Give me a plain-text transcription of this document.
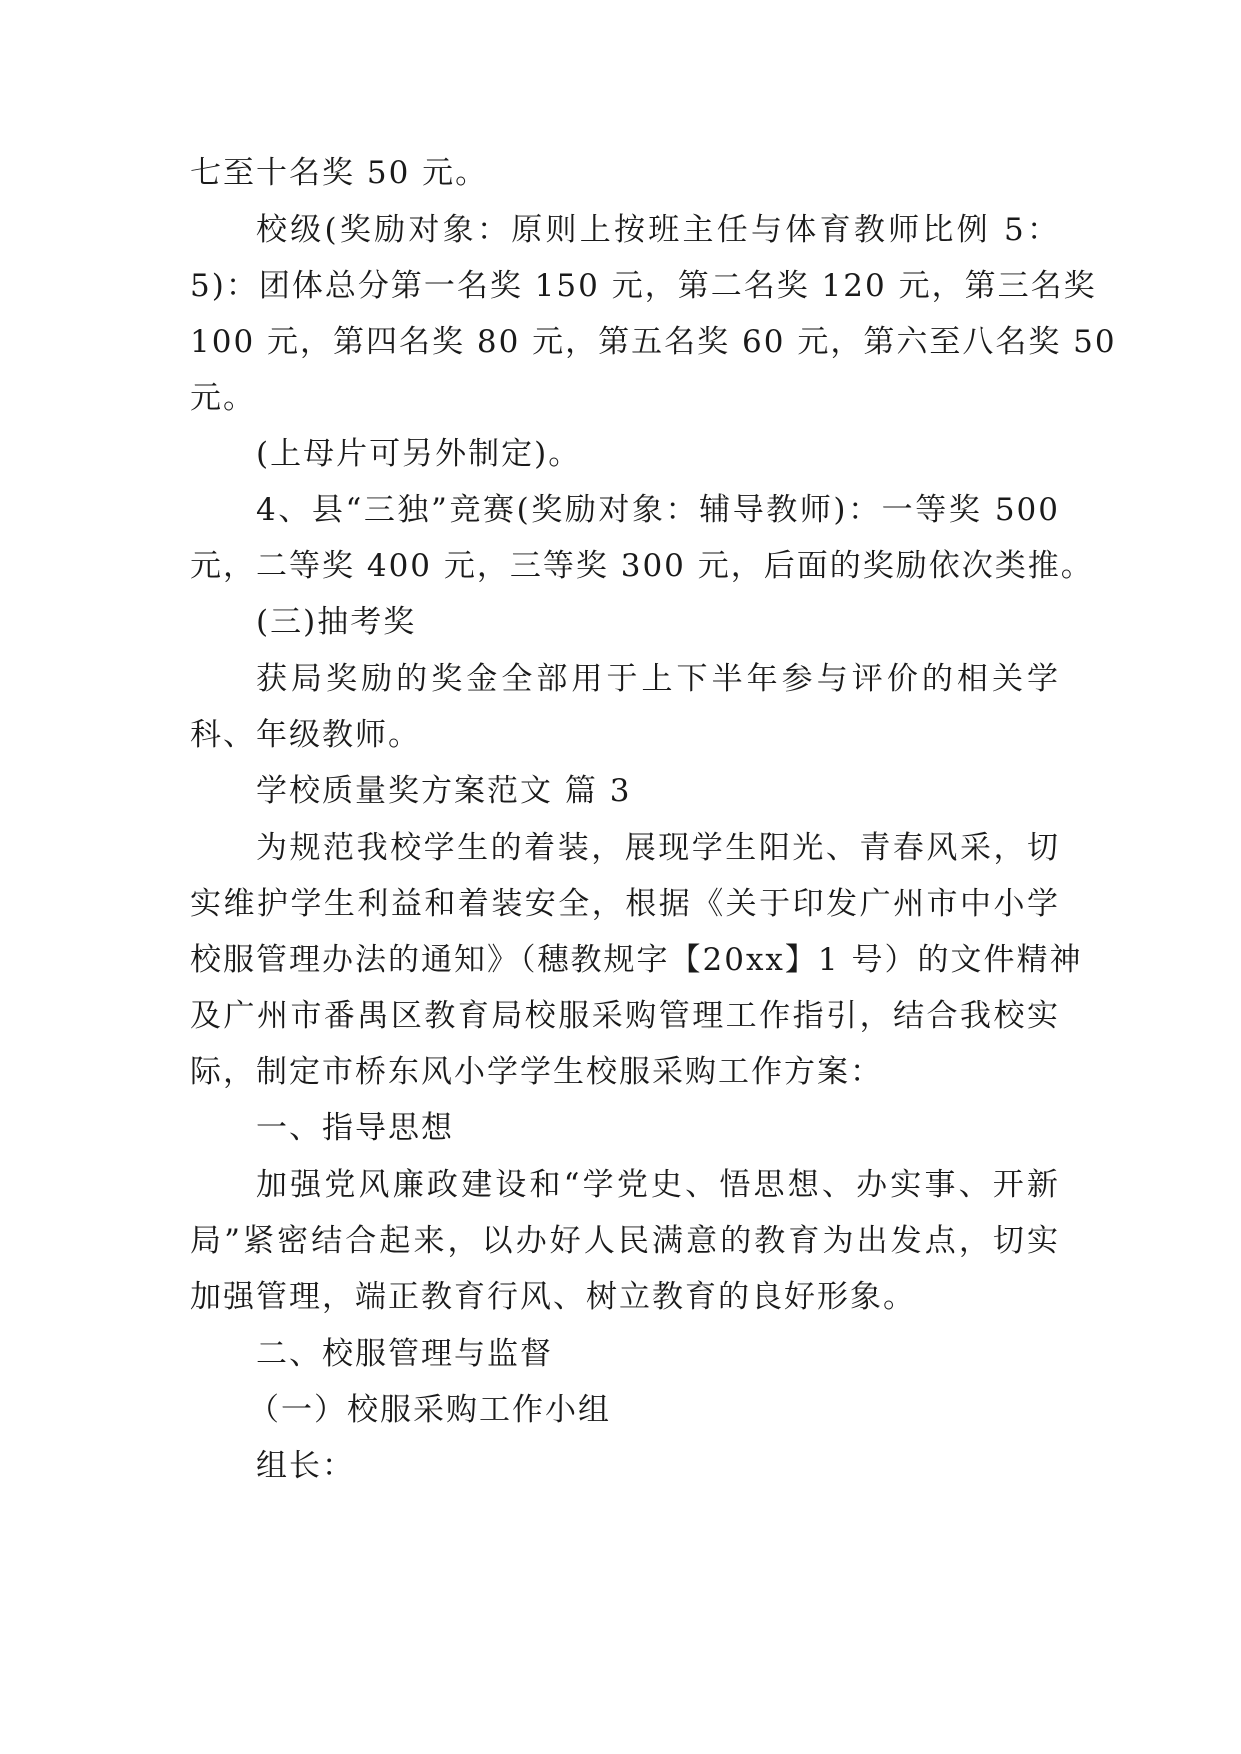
七至十名奖 50 元。
校级(奖励对象：原则上按班主任与体育教师比例 5：
5)：团体总分第一名奖 150 元，第二名奖 120 元，第三名奖
100 元，第四名奖 80 元，第五名奖 60 元，第六至八名奖 50
元。
(上母片可另外制定)。
4、县“三独”竞赛(奖励对象：辅导教师)：一等奖 500
元，二等奖 400 元，三等奖 300 元，后面的奖励依次类推。
(三)抽考奖
获局奖励的奖金全部用于上下半年参与评价的相关学
科、年级教师。
学校质量奖方案范文 篇 3
为规范我校学生的着装，展现学生阳光、青春风采，切
实维护学生利益和着装安全，根据《关于印发广州市中小学
校服管理办法的通知》（穗教规字【20xx】1 号）的文件精神
及广州市番禺区教育局校服采购管理工作指引，结合我校实
际，制定市桥东风小学学生校服采购工作方案：
一、指导思想
加强党风廉政建设和“学党史、悟思想、办实事、开新
局”紧密结合起来，以办好人民满意的教育为出发点，切实
加强管理，端正教育行风、树立教育的良好形象。
二、校服管理与监督
（一）校服采购工作小组
组长：
